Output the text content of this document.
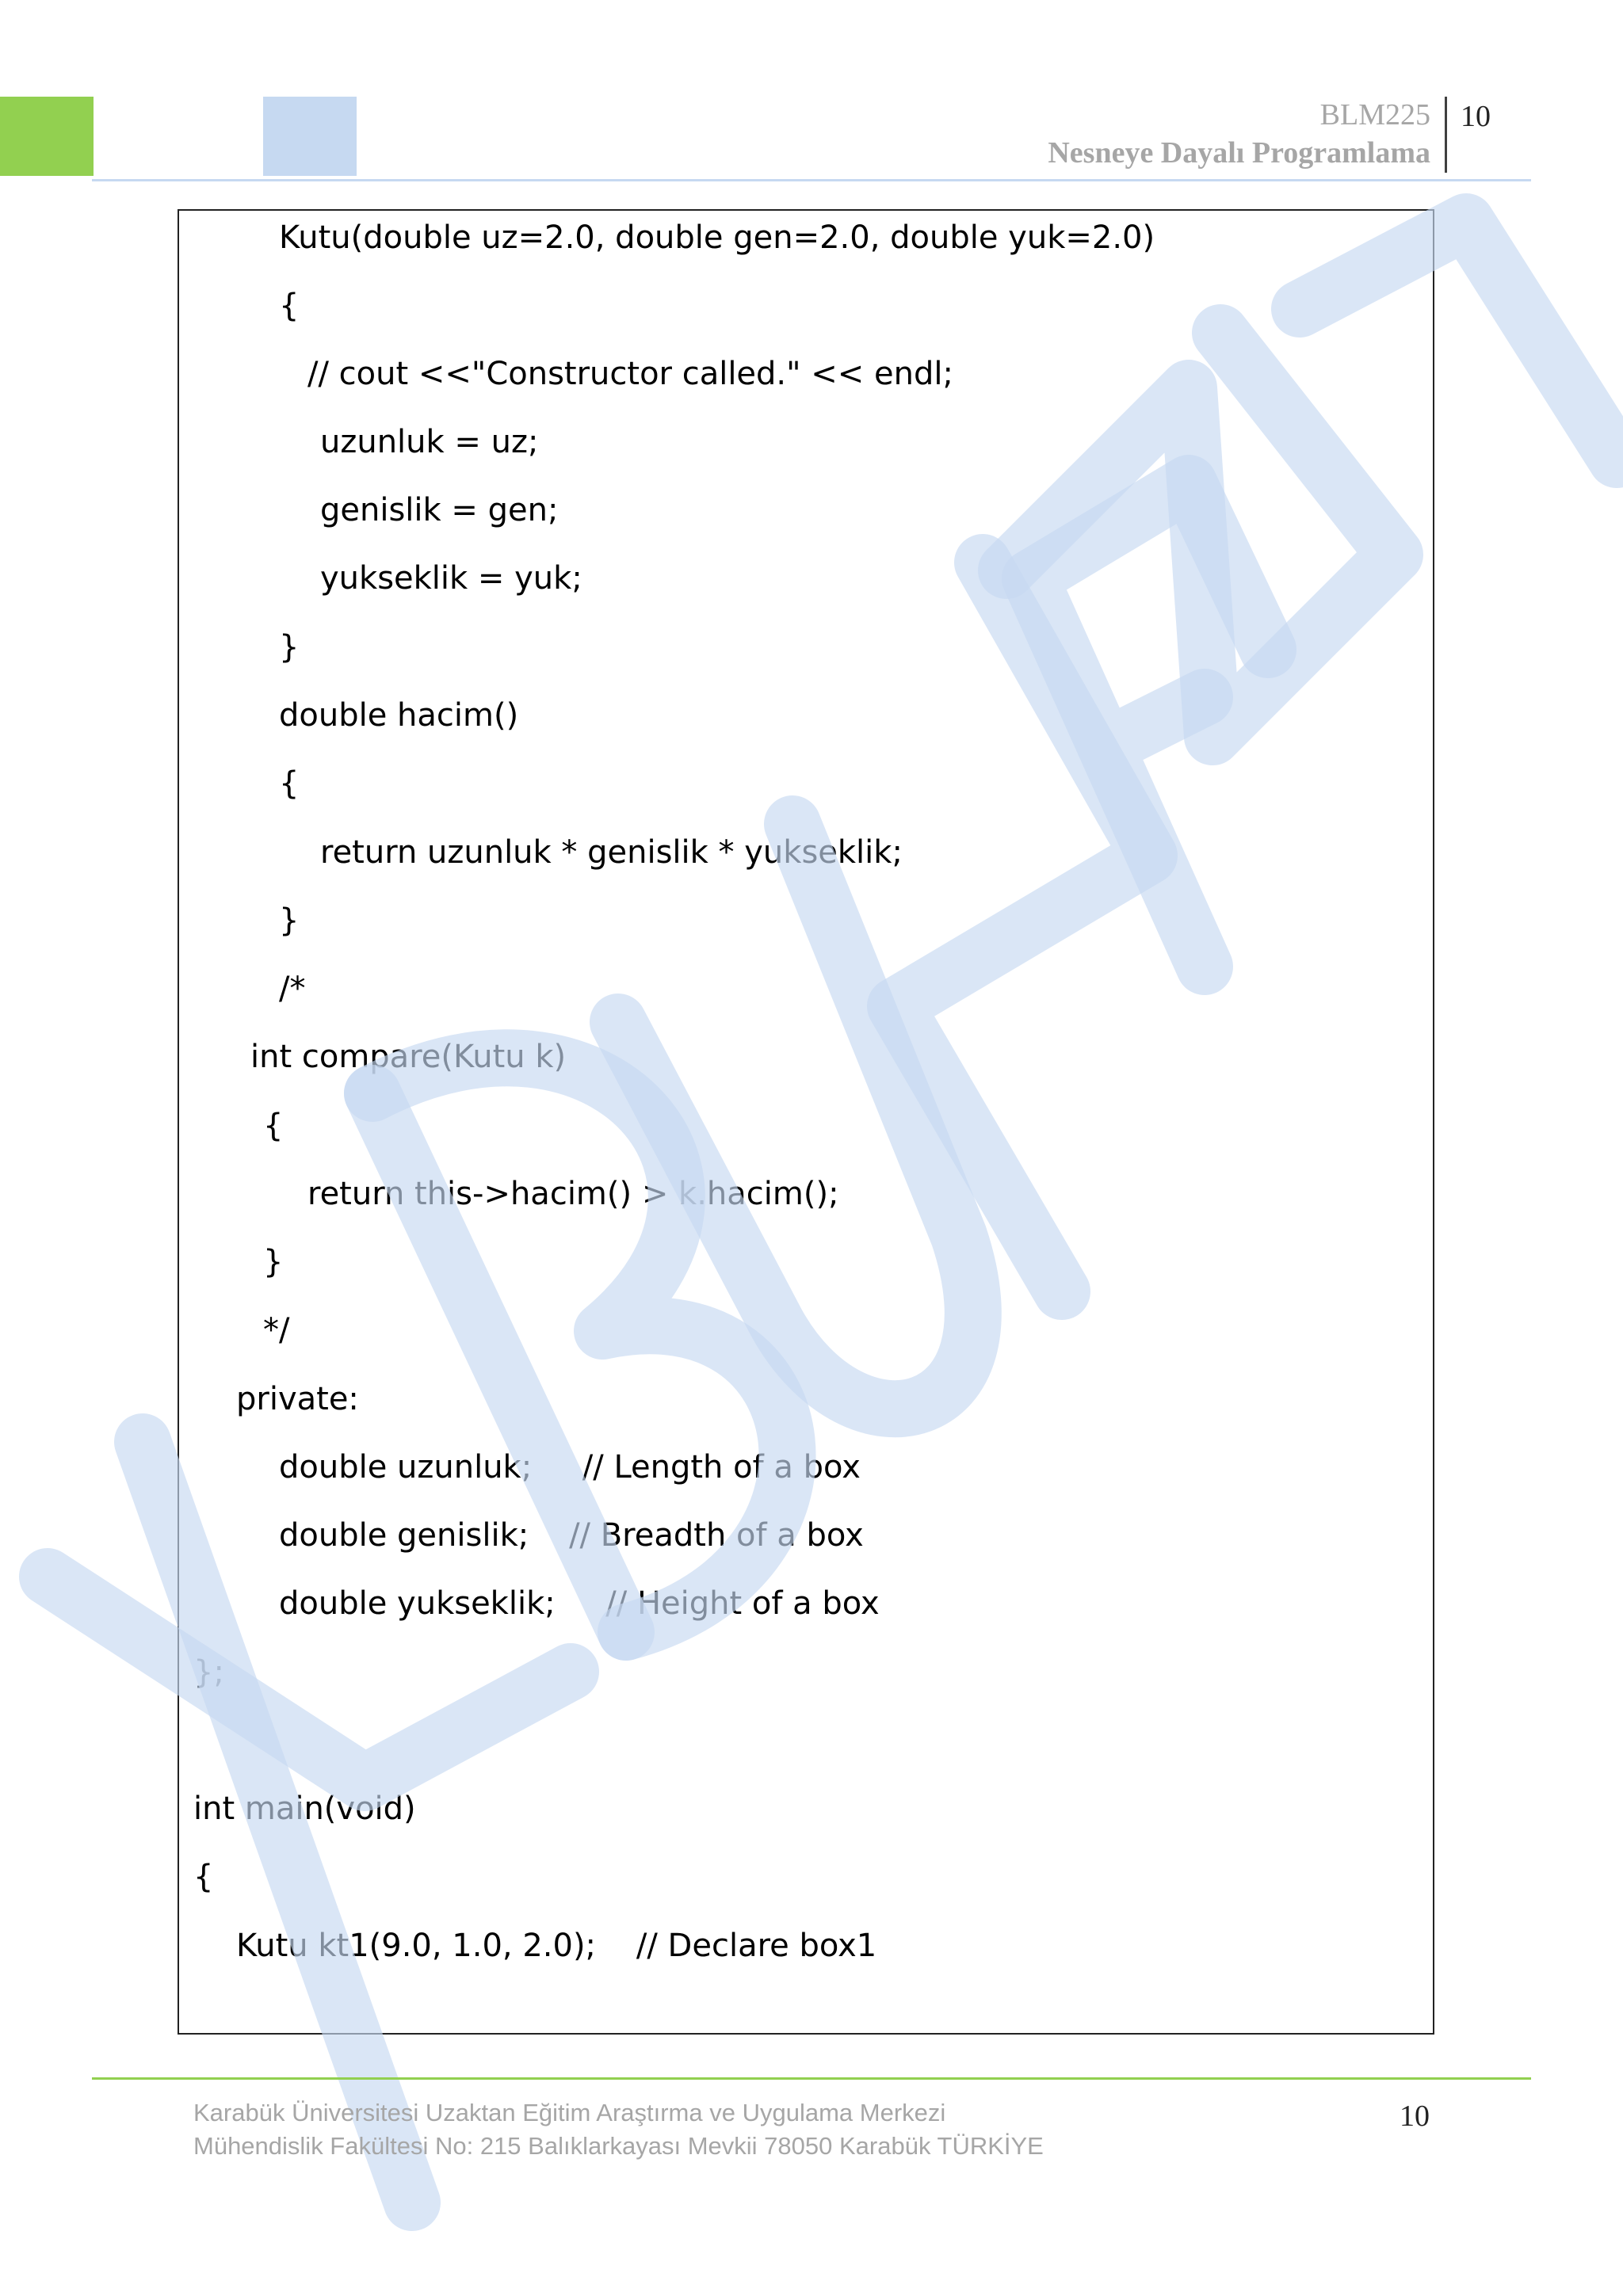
BLM225
Nesneye Dayalı Programlama
10
Kutu(double uz=2.0, double gen=2.0, double yuk=2.0)
{
// cout <<"Constructor called." << endl;
uzunluk = uz;
genislik = gen;
yukseklik = yuk;
}
double hacim()
{
return uzunluk * genislik * yukseklik;
}
/*
int compare(Kutu k)
{
return this->hacim() > k.hacim();
}
*/
private:
double uzunluk;     // Length of a box
double genislik;    // Breadth of a box
double yukseklik;     // Height of a box
};
int main(void)
{
Kutu kt1(9.0, 1.0, 2.0);    // Declare box1
Karabük Üniversitesi Uzaktan Eğitim Araştırma ve Uygulama Merkezi
Mühendislik Fakültesi No: 215 Balıklarkayası Mevkii 78050 Karabük TÜRKİYE
10
